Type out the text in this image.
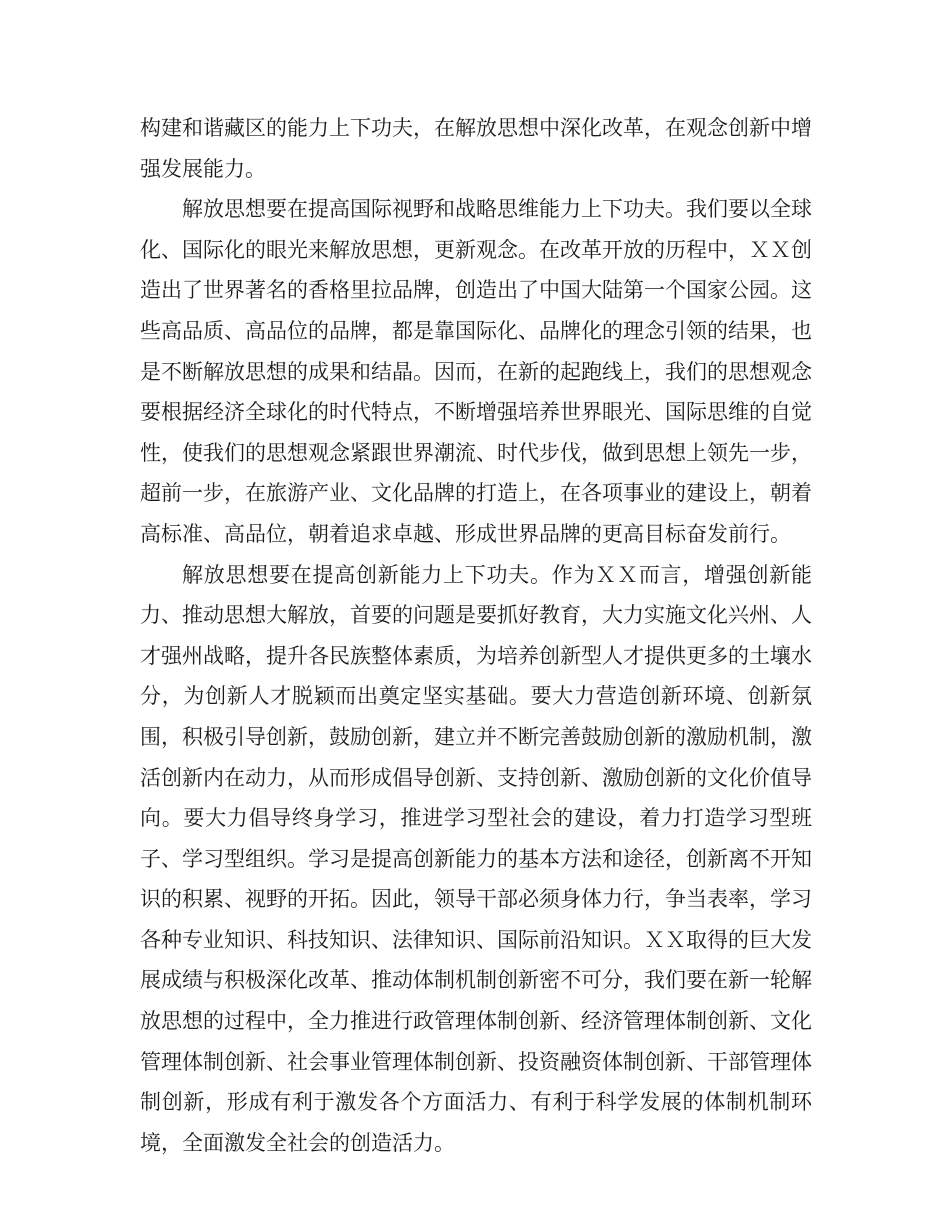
构建和谐藏区的能力上下功夫，在解放思想中深化改革，在观念创新中增强发展能力。

解放思想要在提高国际视野和战略思维能力上下功夫。我们要以全球化、国际化的眼光来解放思想，更新观念。在改革开放的历程中，ＸＸ创造出了世界著名的香格里拉品牌，创造出了中国大陆第一个国家公园。这些高品质、高品位的品牌，都是靠国际化、品牌化的理念引领的结果，也是不断解放思想的成果和结晶。因而，在新的起跑线上，我们的思想观念要根据经济全球化的时代特点，不断增强培养世界眼光、国际思维的自觉性，使我们的思想观念紧跟世界潮流、时代步伐，做到思想上领先一步，超前一步，在旅游产业、文化品牌的打造上，在各项事业的建设上，朝着高标准、高品位，朝着追求卓越、形成世界品牌的更高目标奋发前行。

解放思想要在提高创新能力上下功夫。作为ＸＸ而言，增强创新能力、推动思想大解放，首要的问题是要抓好教育，大力实施文化兴州、人才强州战略，提升各民族整体素质，为培养创新型人才提供更多的土壤水分，为创新人才脱颖而出奠定坚实基础。要大力营造创新环境、创新氛围，积极引导创新，鼓励创新，建立并不断完善鼓励创新的激励机制，激活创新内在动力，从而形成倡导创新、支持创新、激励创新的文化价值导向。要大力倡导终身学习，推进学习型社会的建设，着力打造学习型班子、学习型组织。学习是提高创新能力的基本方法和途径，创新离不开知识的积累、视野的开拓。因此，领导干部必须身体力行，争当表率，学习各种专业知识、科技知识、法律知识、国际前沿知识。ＸＸ取得的巨大发展成绩与积极深化改革、推动体制机制创新密不可分，我们要在新一轮解放思想的过程中，全力推进行政管理体制创新、经济管理体制创新、文化管理体制创新、社会事业管理体制创新、投资融资体制创新、干部管理体制创新，形成有利于激发各个方面活力、有利于科学发展的体制机制环境，全面激发全社会的创造活力。
